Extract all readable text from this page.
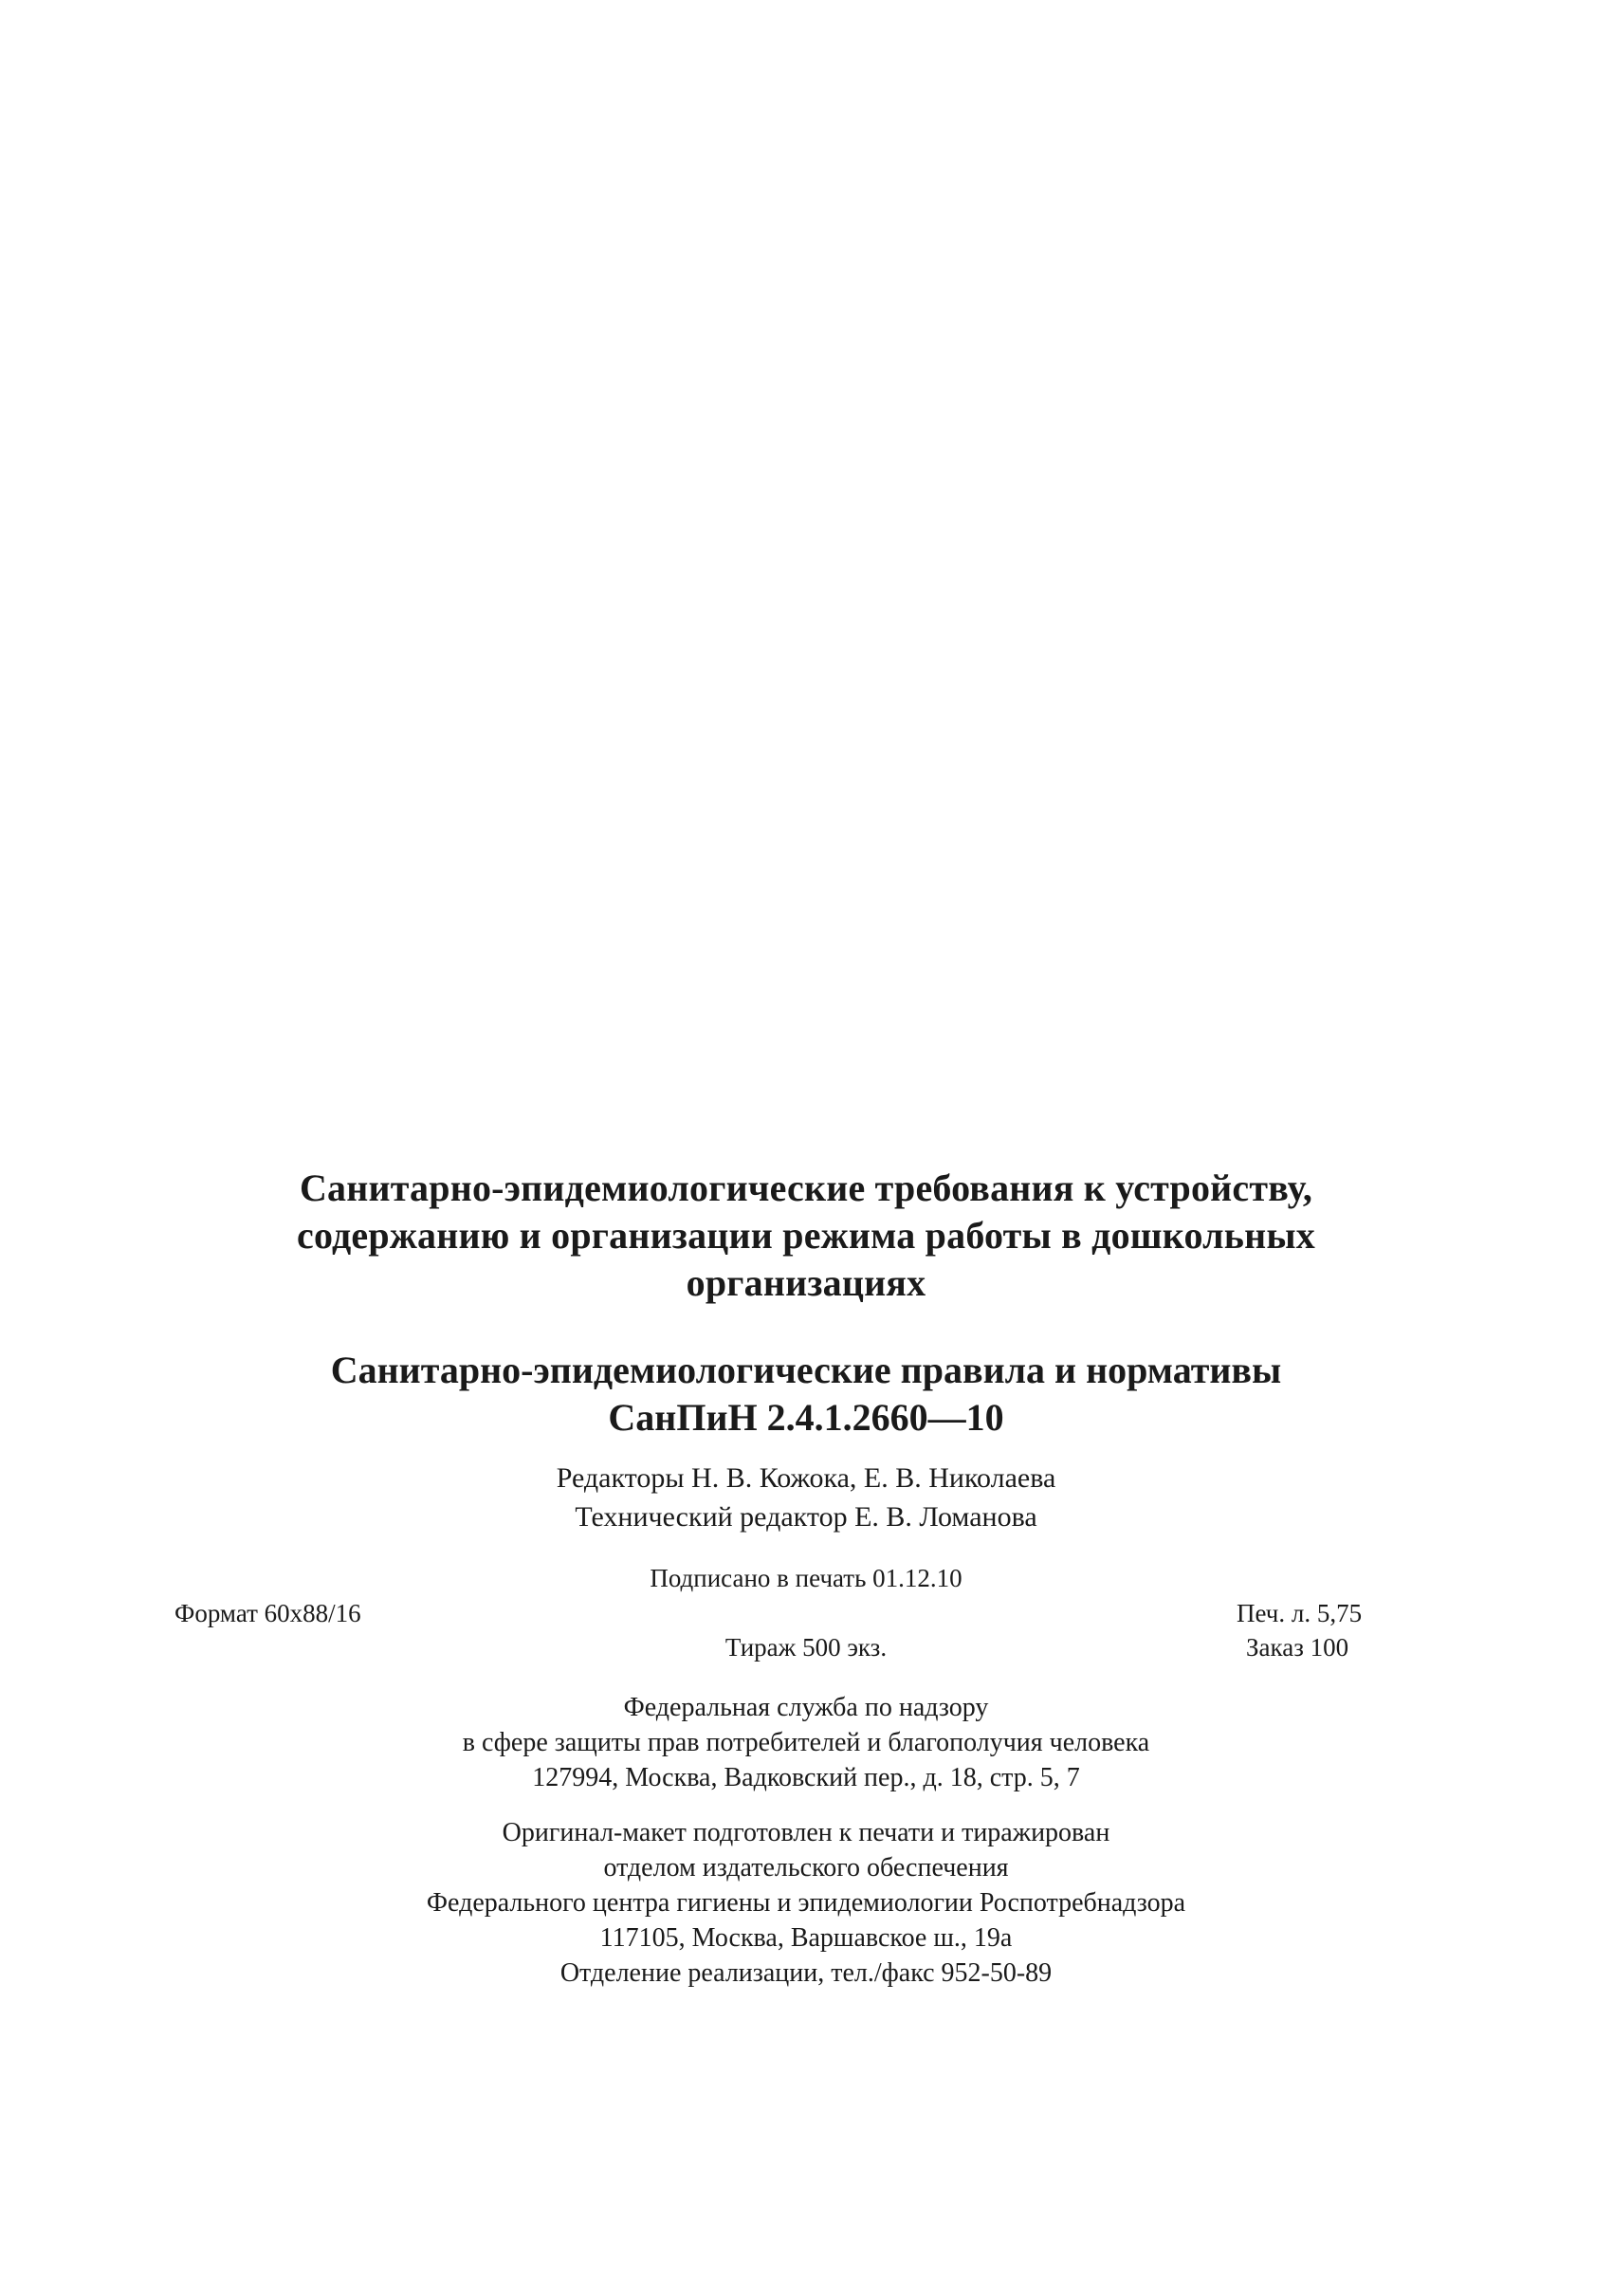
Санитарно-эпидемиологические требования к устройству,
содержанию и организации режима работы в дошкольных
организациях
Санитарно-эпидемиологические правила и нормативы
СанПиН 2.4.1.2660—10
Редакторы Н. В. Кожока, Е. В. Николаева
Технический редактор Е. В. Ломанова
Подписано в печать 01.12.10
Формат 60x88/16	Печ. л. 5,75
Тираж 500 экз.	Заказ 100
Федеральная служба по надзору
в сфере защиты прав потребителей и благополучия человека
127994, Москва, Вадковский пер., д. 18, стр. 5, 7
Оригинал-макет подготовлен к печати и тиражирован
отделом издательского обеспечения
Федерального центра гигиены и эпидемиологии Роспотребнадзора
117105, Москва, Варшавское ш., 19а
Отделение реализации, тел./факс 952-50-89
